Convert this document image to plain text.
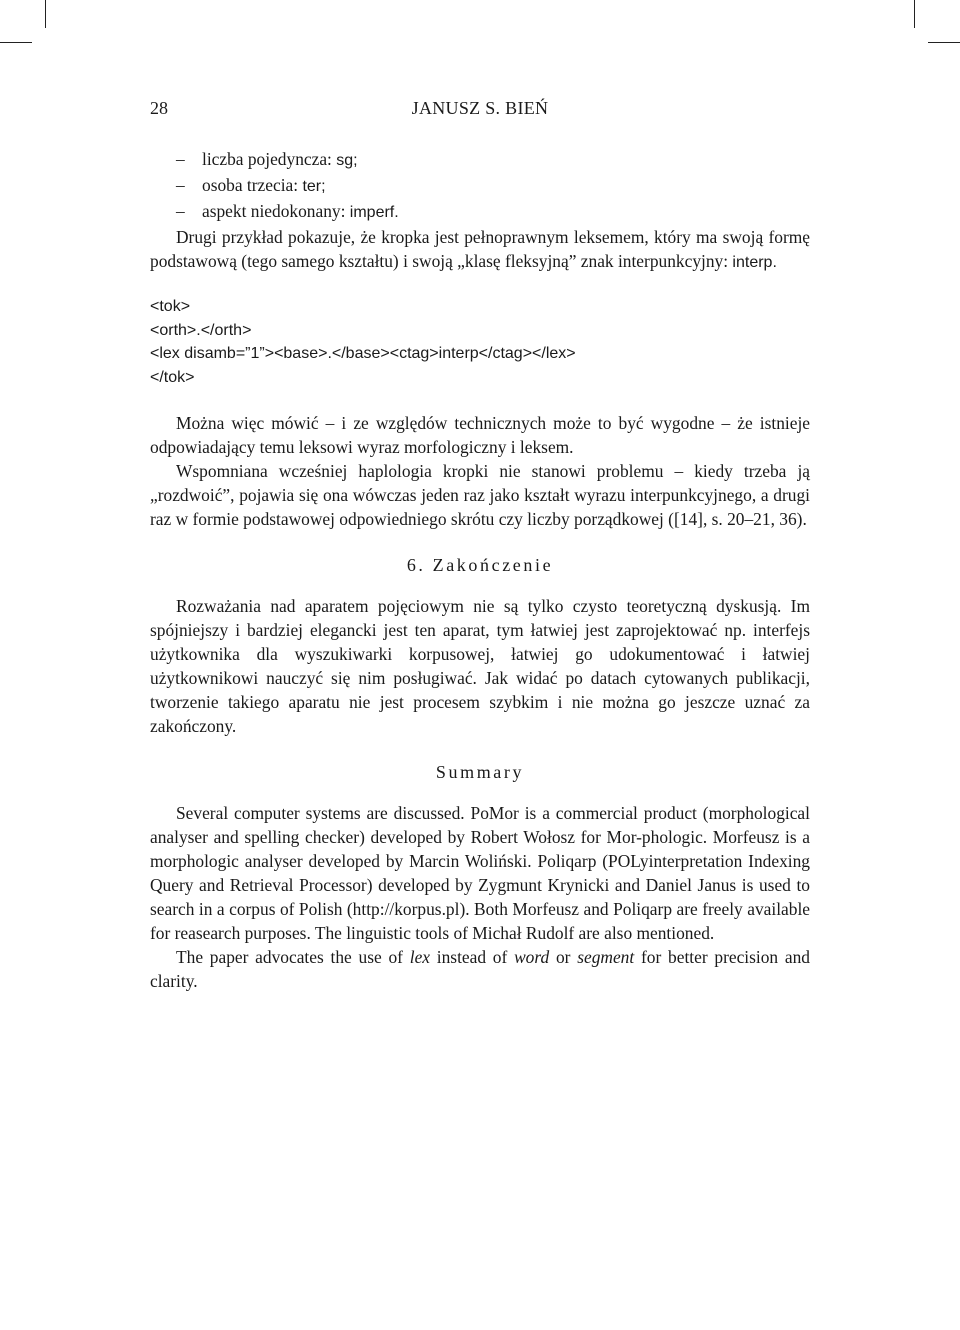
28	JANUSZ S. BIEŃ
– liczba pojedyncza: sg;
– osoba trzecia: ter;
– aspekt niedokonany: imperf.

Drugi przykład pokazuje, że kropka jest pełnoprawnym leksemem, który ma swoją formę podstawową (tego samego kształtu) i swoją „klasę fleksyjną” znak interpunkcyjny: interp.

<tok>
<orth>.</orth>
<lex disamb=”1”><base>.</base><ctag>interp</ctag></lex>
</tok>

Można więc mówić – i ze względów technicznych może to być wygodne – że istnieje odpowiadający temu leksowi wyraz morfologiczny i leksem.

Wspomniana wcześniej haplologia kropki nie stanowi problemu – kiedy trzeba ją „rozdwoić”, pojawia się ona wówczas jeden raz jako kształt wyrazu interpunkcyjnego, a drugi raz w formie podstawowej odpowiedniego skrótu czy liczby porządkowej ([14], s. 20–21, 36).

6. Zakończenie

Rozważania nad aparatem pojęciowym nie są tylko czysto teoretyczną dyskusją. Im spójniejszy i bardziej elegancki jest ten aparat, tym łatwiej jest zaprojektować np. interfejs użytkownika dla wyszukiwarki korpusowej, łatwiej go udokumentować i łatwiej użytkownikowi nauczyć się nim posługiwać. Jak widać po datach cytowanych publikacji, tworzenie takiego aparatu nie jest procesem szybkim i nie można go jeszcze uznać za zakończony.

Summary

Several computer systems are discussed. PoMor is a commercial product (morphological analyser and spelling checker) developed by Robert Wołosz for Mor-phologic. Morfeusz is a morphologic analyser developed by Marcin Woliński. Poliqarp (POLyinterpretation Indexing Query and Retrieval Processor) developed by Zygmunt Krynicki and Daniel Janus is used to search in a corpus of Polish (http://korpus.pl). Both Morfeusz and Poliqarp are freely available for reasearch purposes. The linguistic tools of Michał Rudolf are also mentioned.

The paper advocates the use of lex instead of word or segment for better precision and clarity.
